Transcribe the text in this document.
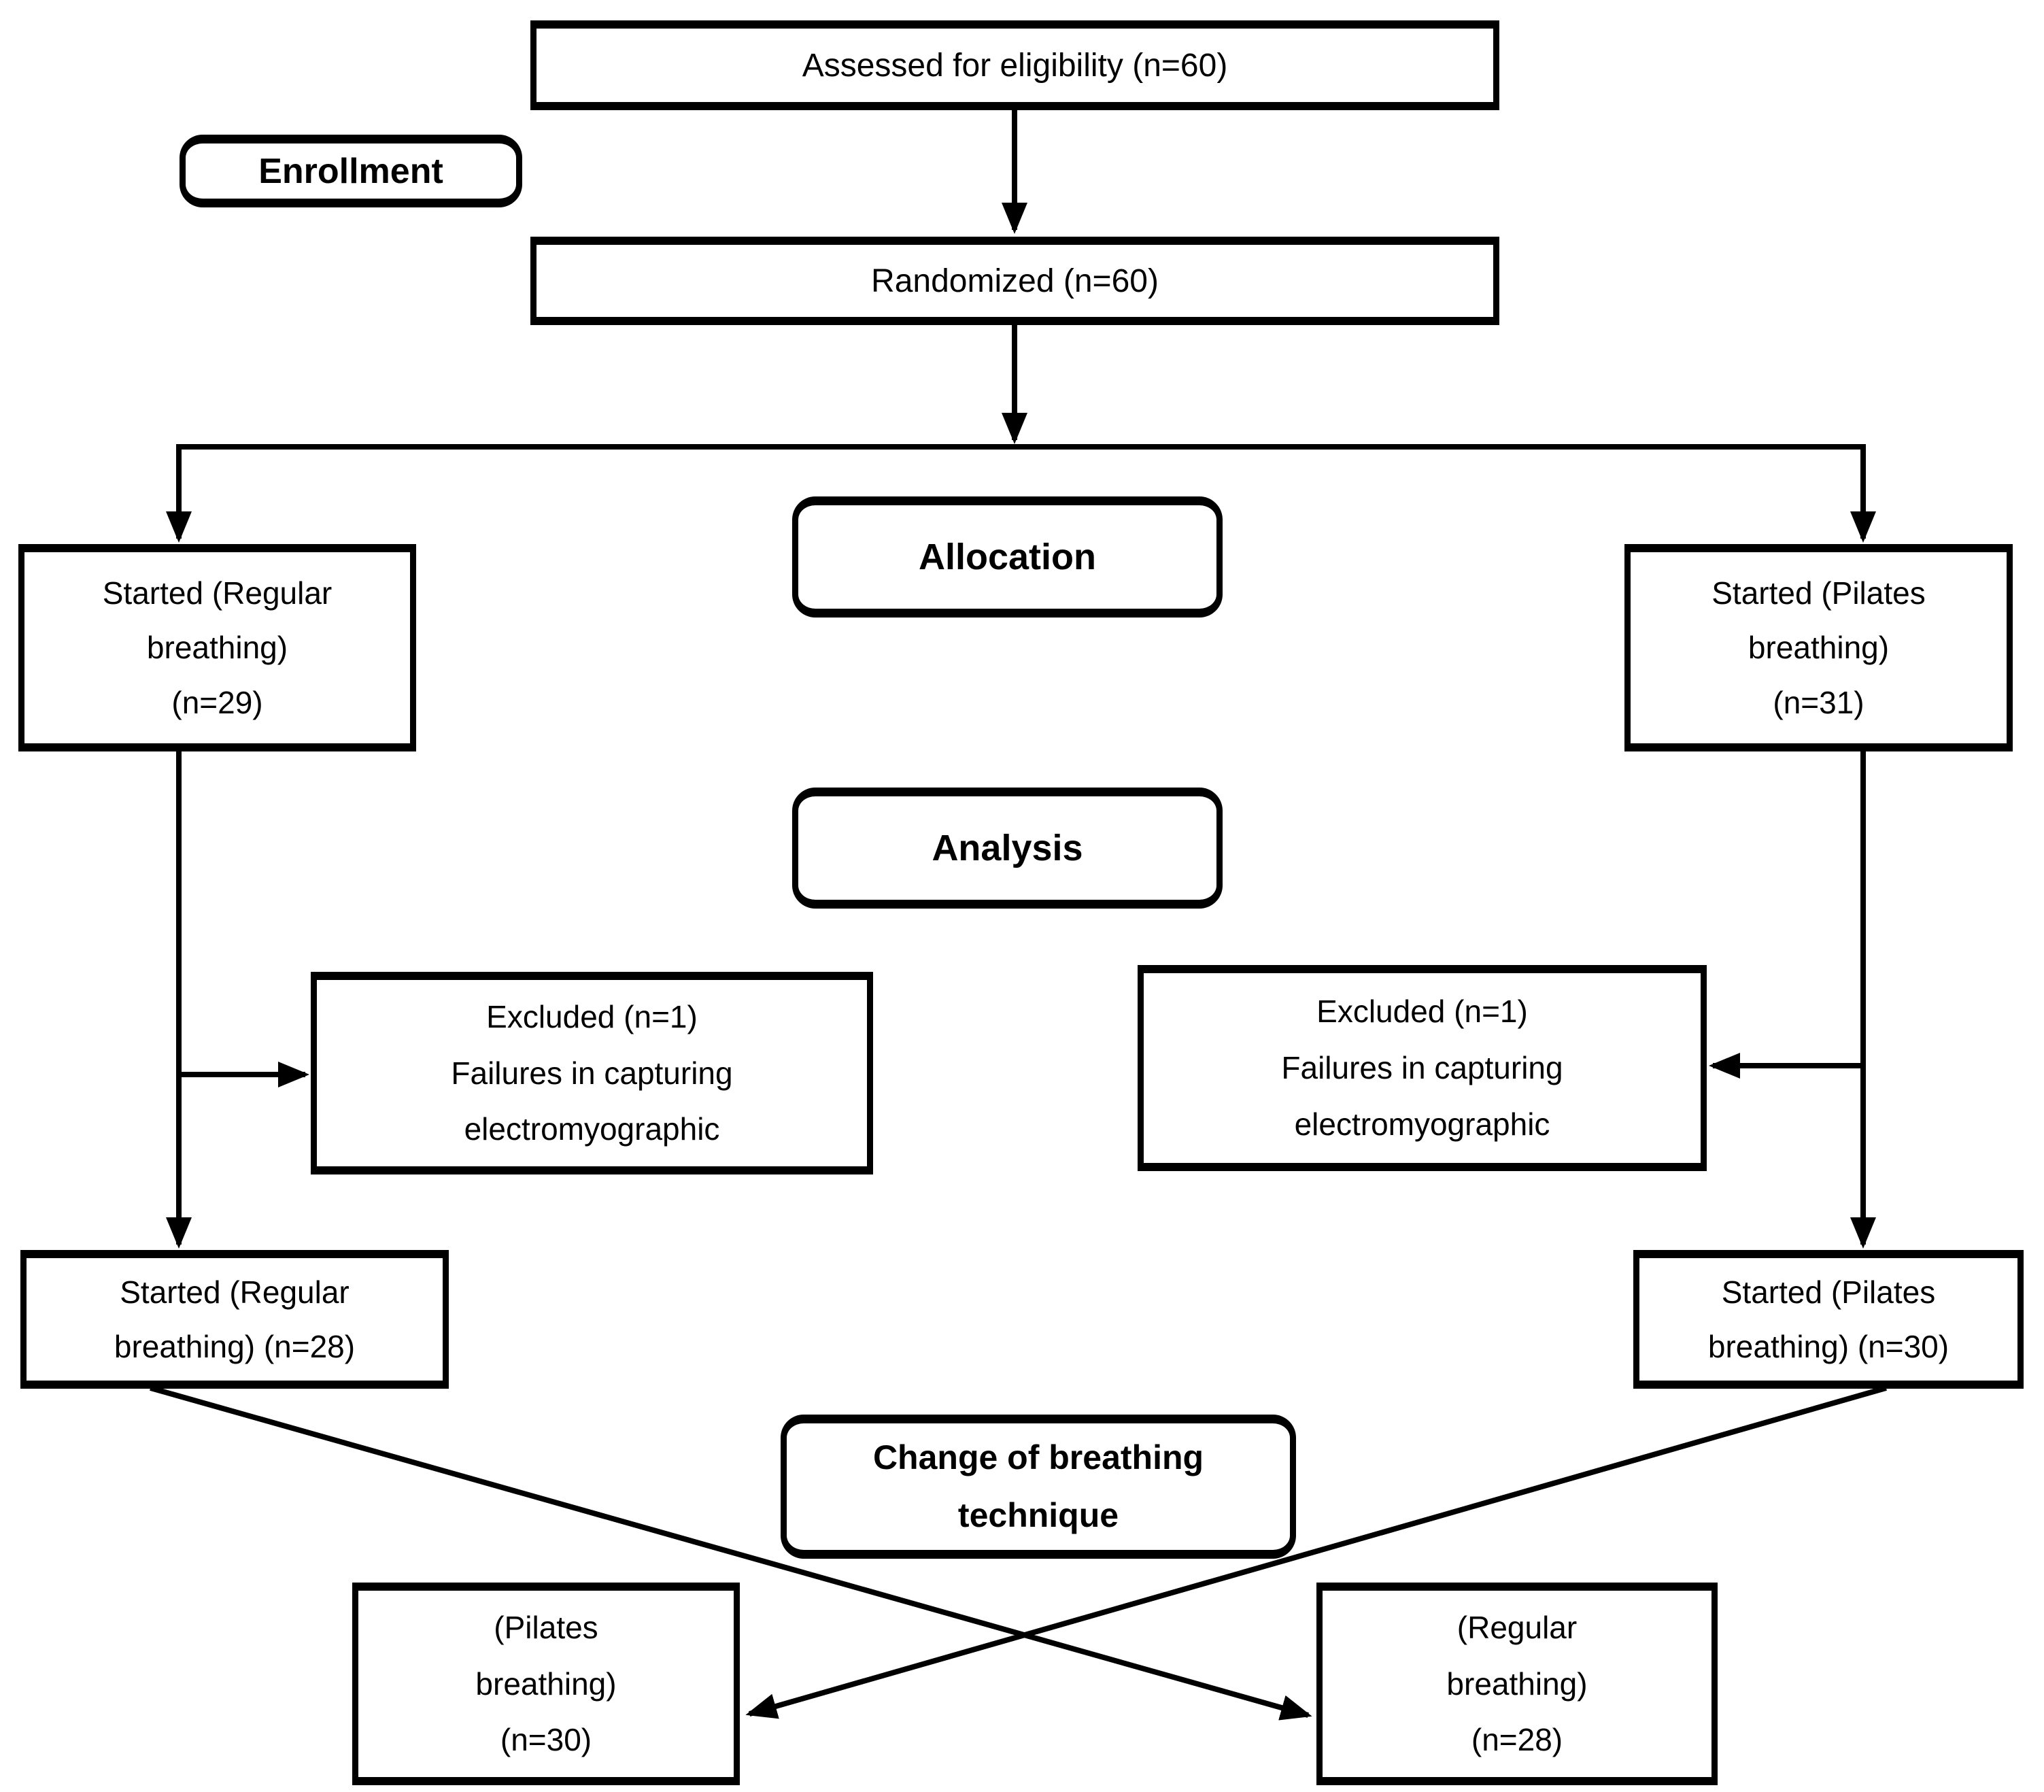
Assessed for eligibility (n=60)
Enrollment
Randomized (n=60)
Allocation
Started (Regular
breathing)
(n=29)
Started (Pilates
breathing)
(n=31)
Analysis
Excluded (n=1)
Failures in capturing
electromyographic
Excluded (n=1)
Failures in capturing
electromyographic
Started (Regular
breathing) (n=28)
Started (Pilates
breathing) (n=30)
Change of breathing
technique
(Pilates
breathing)
(n=30)
(Regular
breathing)
(n=28)
